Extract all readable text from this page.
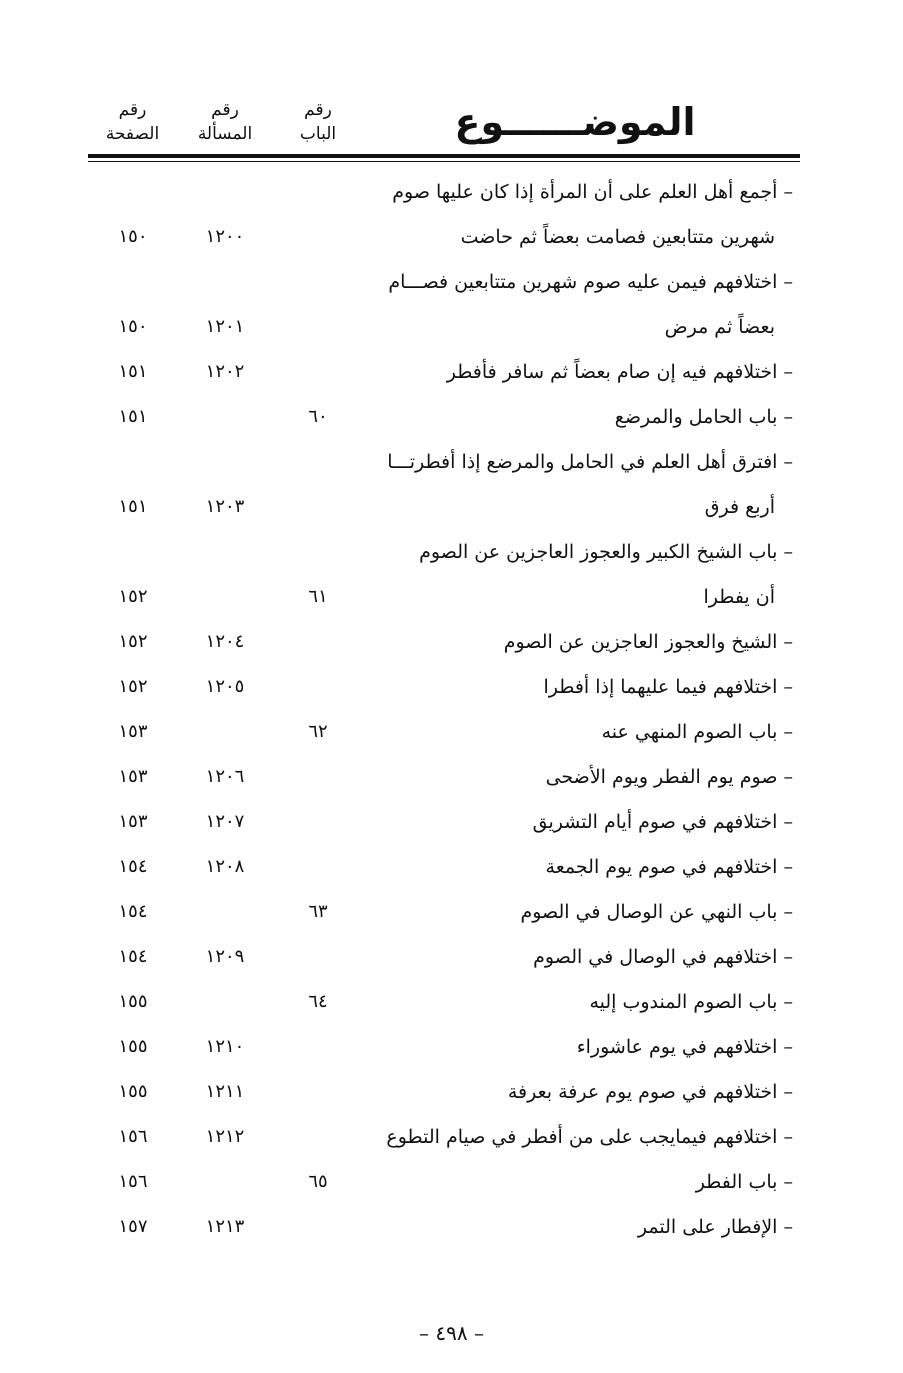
الموضــــــوع
رقم
الباب
رقم
المسألة
رقم
الصفحة
– أجمع أهل العلم على أن المرأة إذا كان عليها صوم
شهرين متتابعين فصامت بعضاً ثم حاضت
١٢٠٠
١٥٠
– اختلافهم فيمن عليه صوم شهرين متتابعين فصـــام
بعضاً ثم مرض
١٢٠١
١٥٠
– اختلافهم فيه إن صام بعضاً ثم سافر فأفطر
١٢٠٢
١٥١
– باب الحامل والمرضع
٦٠
١٥١
– افترق أهل العلم في الحامل والمرضع إذا أفطرتـــا
أربع فرق
١٢٠٣
١٥١
– باب الشيخ الكبير والعجوز العاجزين عن الصوم
أن يفطرا
٦١
١٥٢
– الشيخ والعجوز العاجزين عن الصوم
١٢٠٤
١٥٢
– اختلافهم فيما عليهما إذا أفطرا
١٢٠٥
١٥٢
– باب الصوم المنهي عنه
٦٢
١٥٣
– صوم يوم الفطر ويوم الأضحى
١٢٠٦
١٥٣
– اختلافهم في صوم أيام التشريق
١٢٠٧
١٥٣
– اختلافهم في صوم يوم الجمعة
١٢٠٨
١٥٤
– باب النهي عن الوصال في الصوم
٦٣
١٥٤
– اختلافهم في الوصال في الصوم
١٢٠٩
١٥٤
– باب الصوم المندوب إليه
٦٤
١٥٥
– اختلافهم في يوم عاشوراء
١٢١٠
١٥٥
– اختلافهم في صوم يوم عرفة بعرفة
١٢١١
١٥٥
– اختلافهم فيمايجب على من أفطر في صيام التطوع
١٢١٢
١٥٦
– باب الفطر
٦٥
١٥٦
– الإفطار على التمر
١٢١٣
١٥٧
– ٤٩٨ –
